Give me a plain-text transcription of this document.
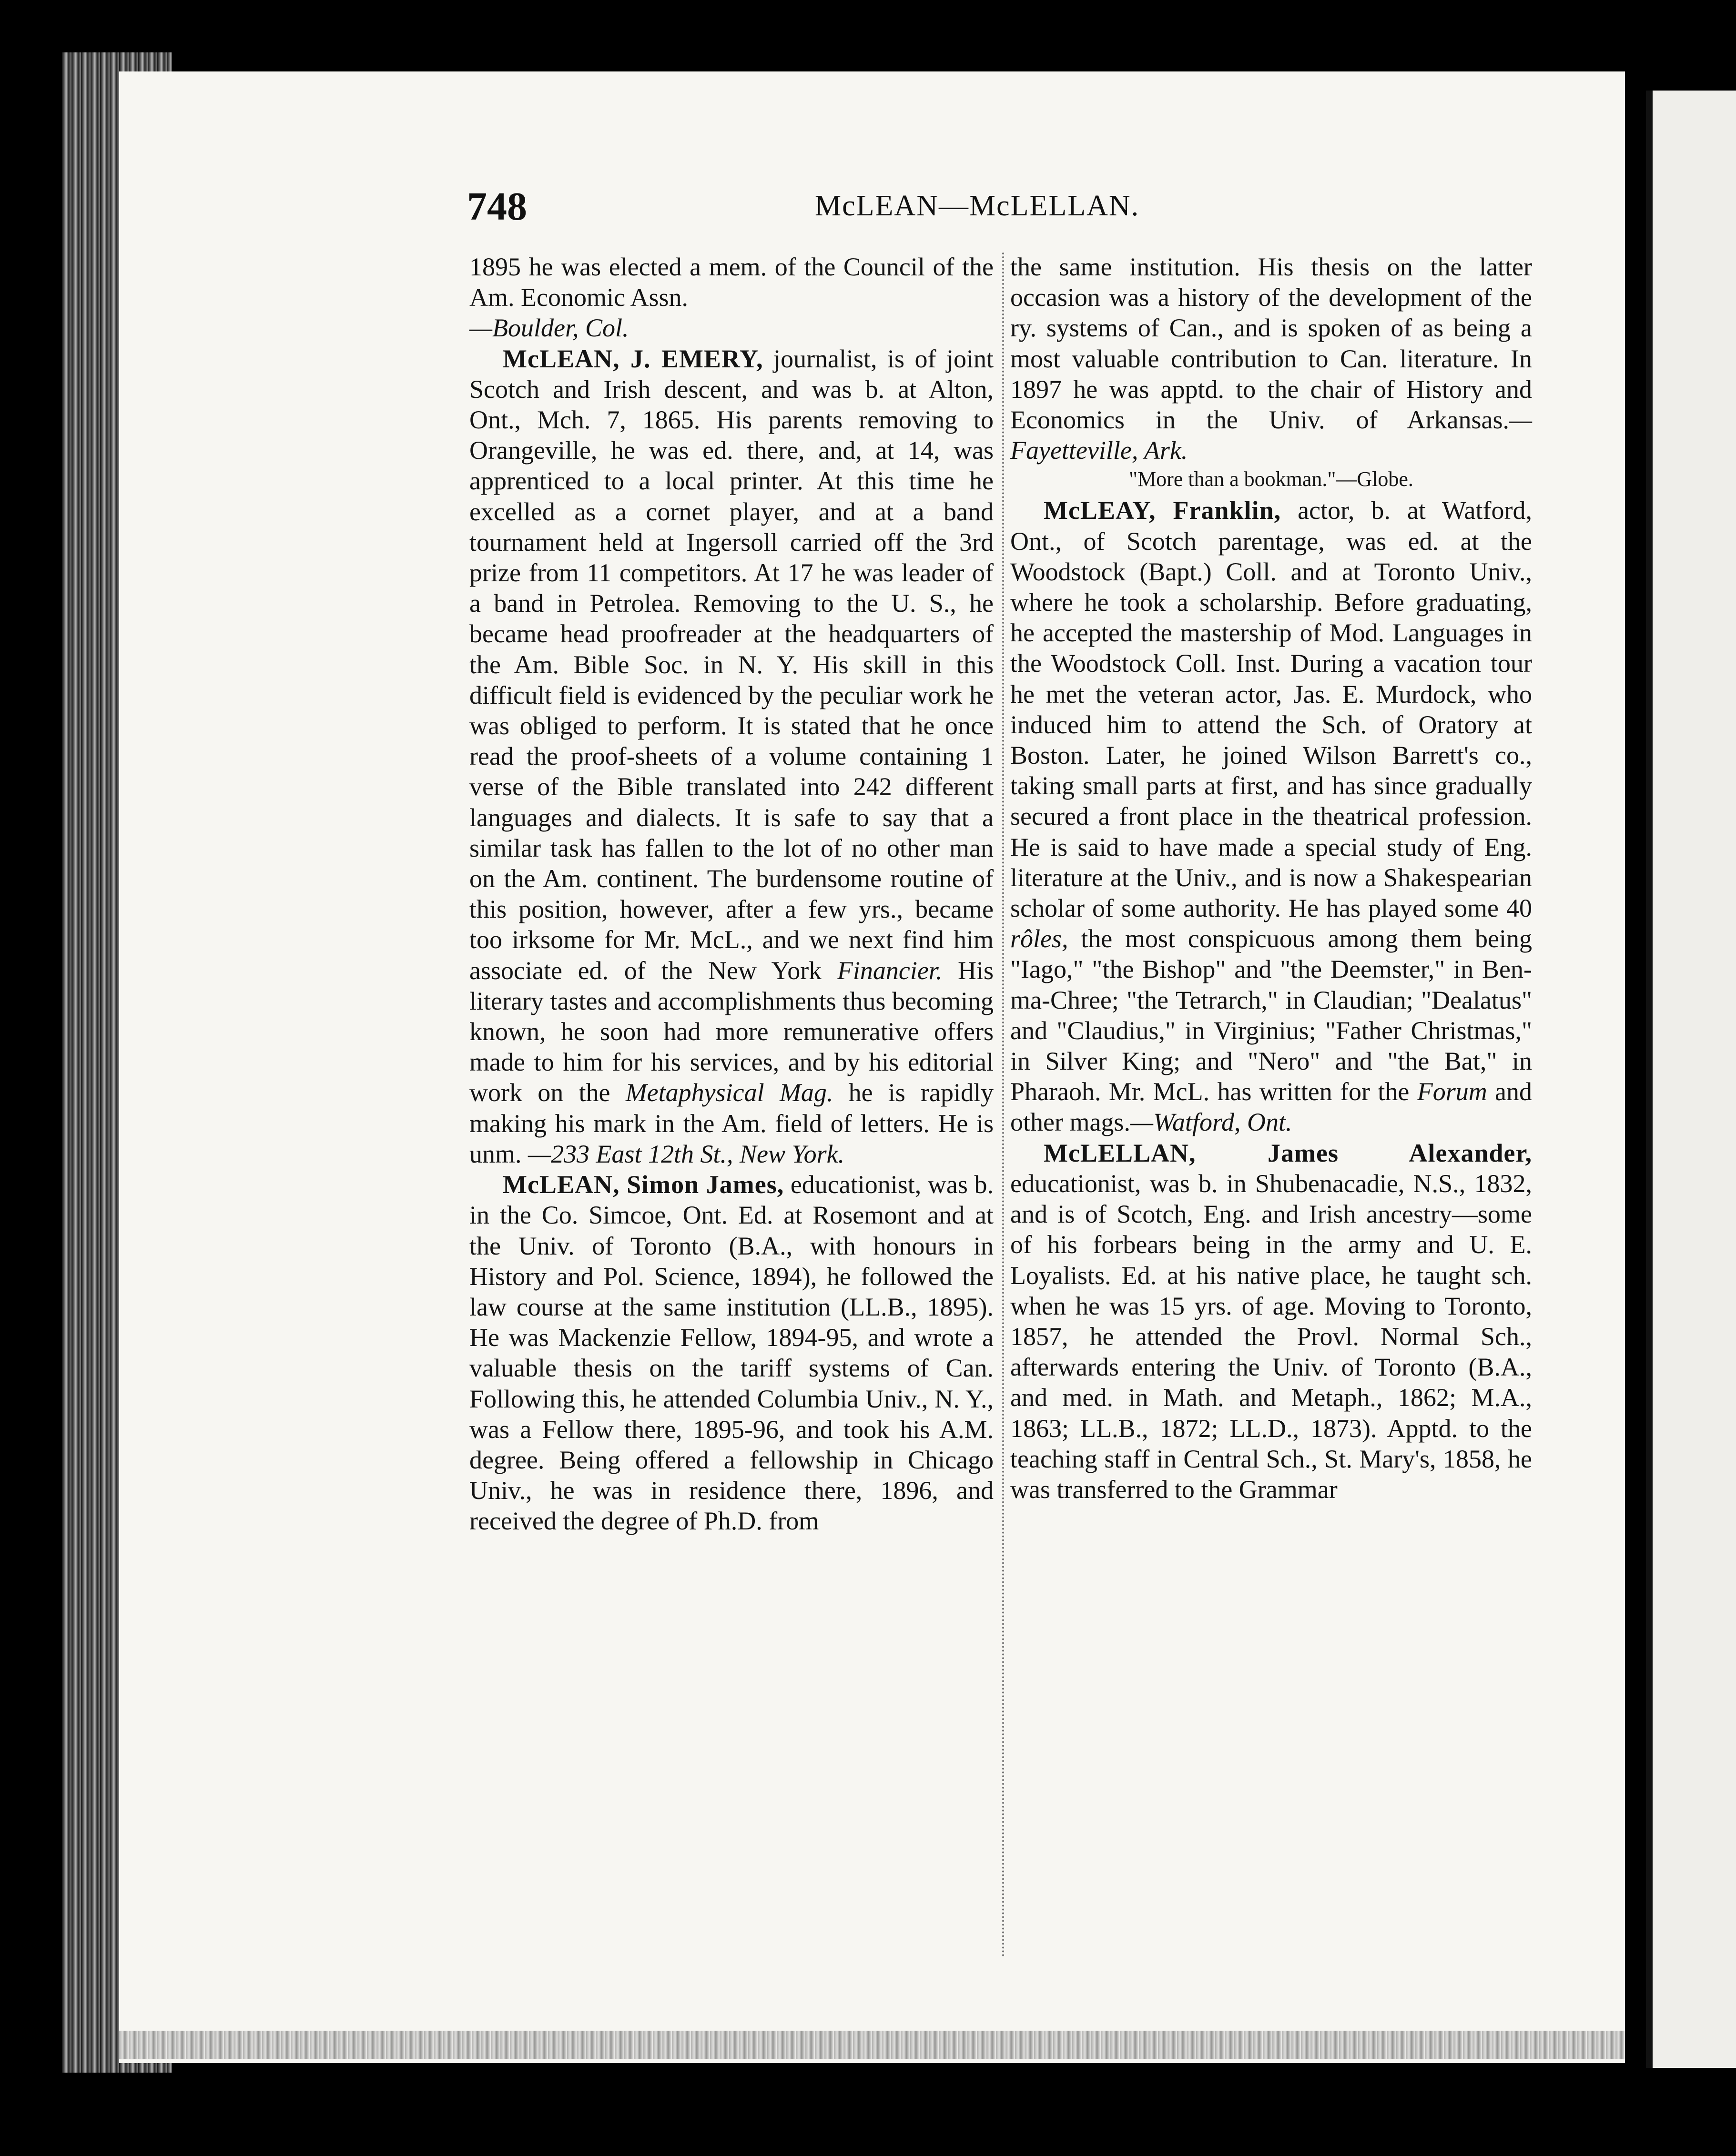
748	McLEAN—McLELLAN.

1895 he was elected a mem. of the Council of the Am. Economic Assn.
—Boulder, Col.

McLEAN, J. EMERY, journalist, is of joint Scotch and Irish descent, and was b. at Alton, Ont., Mch. 7, 1865. His parents removing to Orangeville, he was ed. there, and, at 14, was apprenticed to a local printer. At this time he excelled as a cornet player, and at a band tournament held at Ingersoll carried off the 3rd prize from 11 competitors. At 17 he was leader of a band in Petrolea. Removing to the U. S., he became head proofreader at the headquarters of the Am. Bible Soc. in N. Y. His skill in this difficult field is evidenced by the peculiar work he was obliged to perform. It is stated that he once read the proof-sheets of a volume containing 1 verse of the Bible translated into 242 different languages and dialects. It is safe to say that a similar task has fallen to the lot of no other man on the Am. continent. The burdensome routine of this position, however, after a few yrs., became too irksome for Mr. McL., and we next find him associate ed. of the New York Financier. His literary tastes and accomplishments thus becoming known, he soon had more remunerative offers made to him for his services, and by his editorial work on the Metaphysical Mag. he is rapidly making his mark in the Am. field of letters. He is unm. —233 East 12th St., New York.

McLEAN, Simon James, educationist, was b. in the Co. Simcoe, Ont. Ed. at Rosemont and at the Univ. of Toronto (B.A., with honours in History and Pol. Science, 1894), he followed the law course at the same institution (LL.B., 1895). He was Mackenzie Fellow, 1894-95, and wrote a valuable thesis on the tariff systems of Can. Following this, he attended Columbia Univ., N. Y., was a Fellow there, 1895-96, and took his A.M. degree. Being offered a fellowship in Chicago Univ., he was in residence there, 1896, and received the degree of Ph.D. from

the same institution. His thesis on the latter occasion was a history of the development of the ry. systems of Can., and is spoken of as being a most valuable contribution to Can. literature. In 1897 he was apptd. to the chair of History and Economics in the Univ. of Arkansas.—Fayetteville, Ark.

"More than a bookman."—Globe.

McLEAY, Franklin, actor, b. at Watford, Ont., of Scotch parentage, was ed. at the Woodstock (Bapt.) Coll. and at Toronto Univ., where he took a scholarship. Before graduating, he accepted the mastership of Mod. Languages in the Woodstock Coll. Inst. During a vacation tour he met the veteran actor, Jas. E. Murdock, who induced him to attend the Sch. of Oratory at Boston. Later, he joined Wilson Barrett's co., taking small parts at first, and has since gradually secured a front place in the theatrical profession. He is said to have made a special study of Eng. literature at the Univ., and is now a Shakespearian scholar of some authority. He has played some 40 rôles, the most conspicuous among them being "Iago," "the Bishop" and "the Deemster," in Ben-ma-Chree; "the Tetrarch," in Claudian; "Dealatus" and "Claudius," in Virginius; "Father Christmas," in Silver King; and "Nero" and "the Bat," in Pharaoh. Mr. McL. has written for the Forum and other mags.—Watford, Ont.

McLELLAN, James Alexander, educationist, was b. in Shubenacadie, N.S., 1832, and is of Scotch, Eng. and Irish ancestry—some of his forbears being in the army and U. E. Loyalists. Ed. at his native place, he taught sch. when he was 15 yrs. of age. Moving to Toronto, 1857, he attended the Provl. Normal Sch., afterwards entering the Univ. of Toronto (B.A., and med. in Math. and Metaph., 1862; M.A., 1863; LL.B., 1872; LL.D., 1873). Apptd. to the teaching staff in Central Sch., St. Mary's, 1858, he was transferred to the Grammar
